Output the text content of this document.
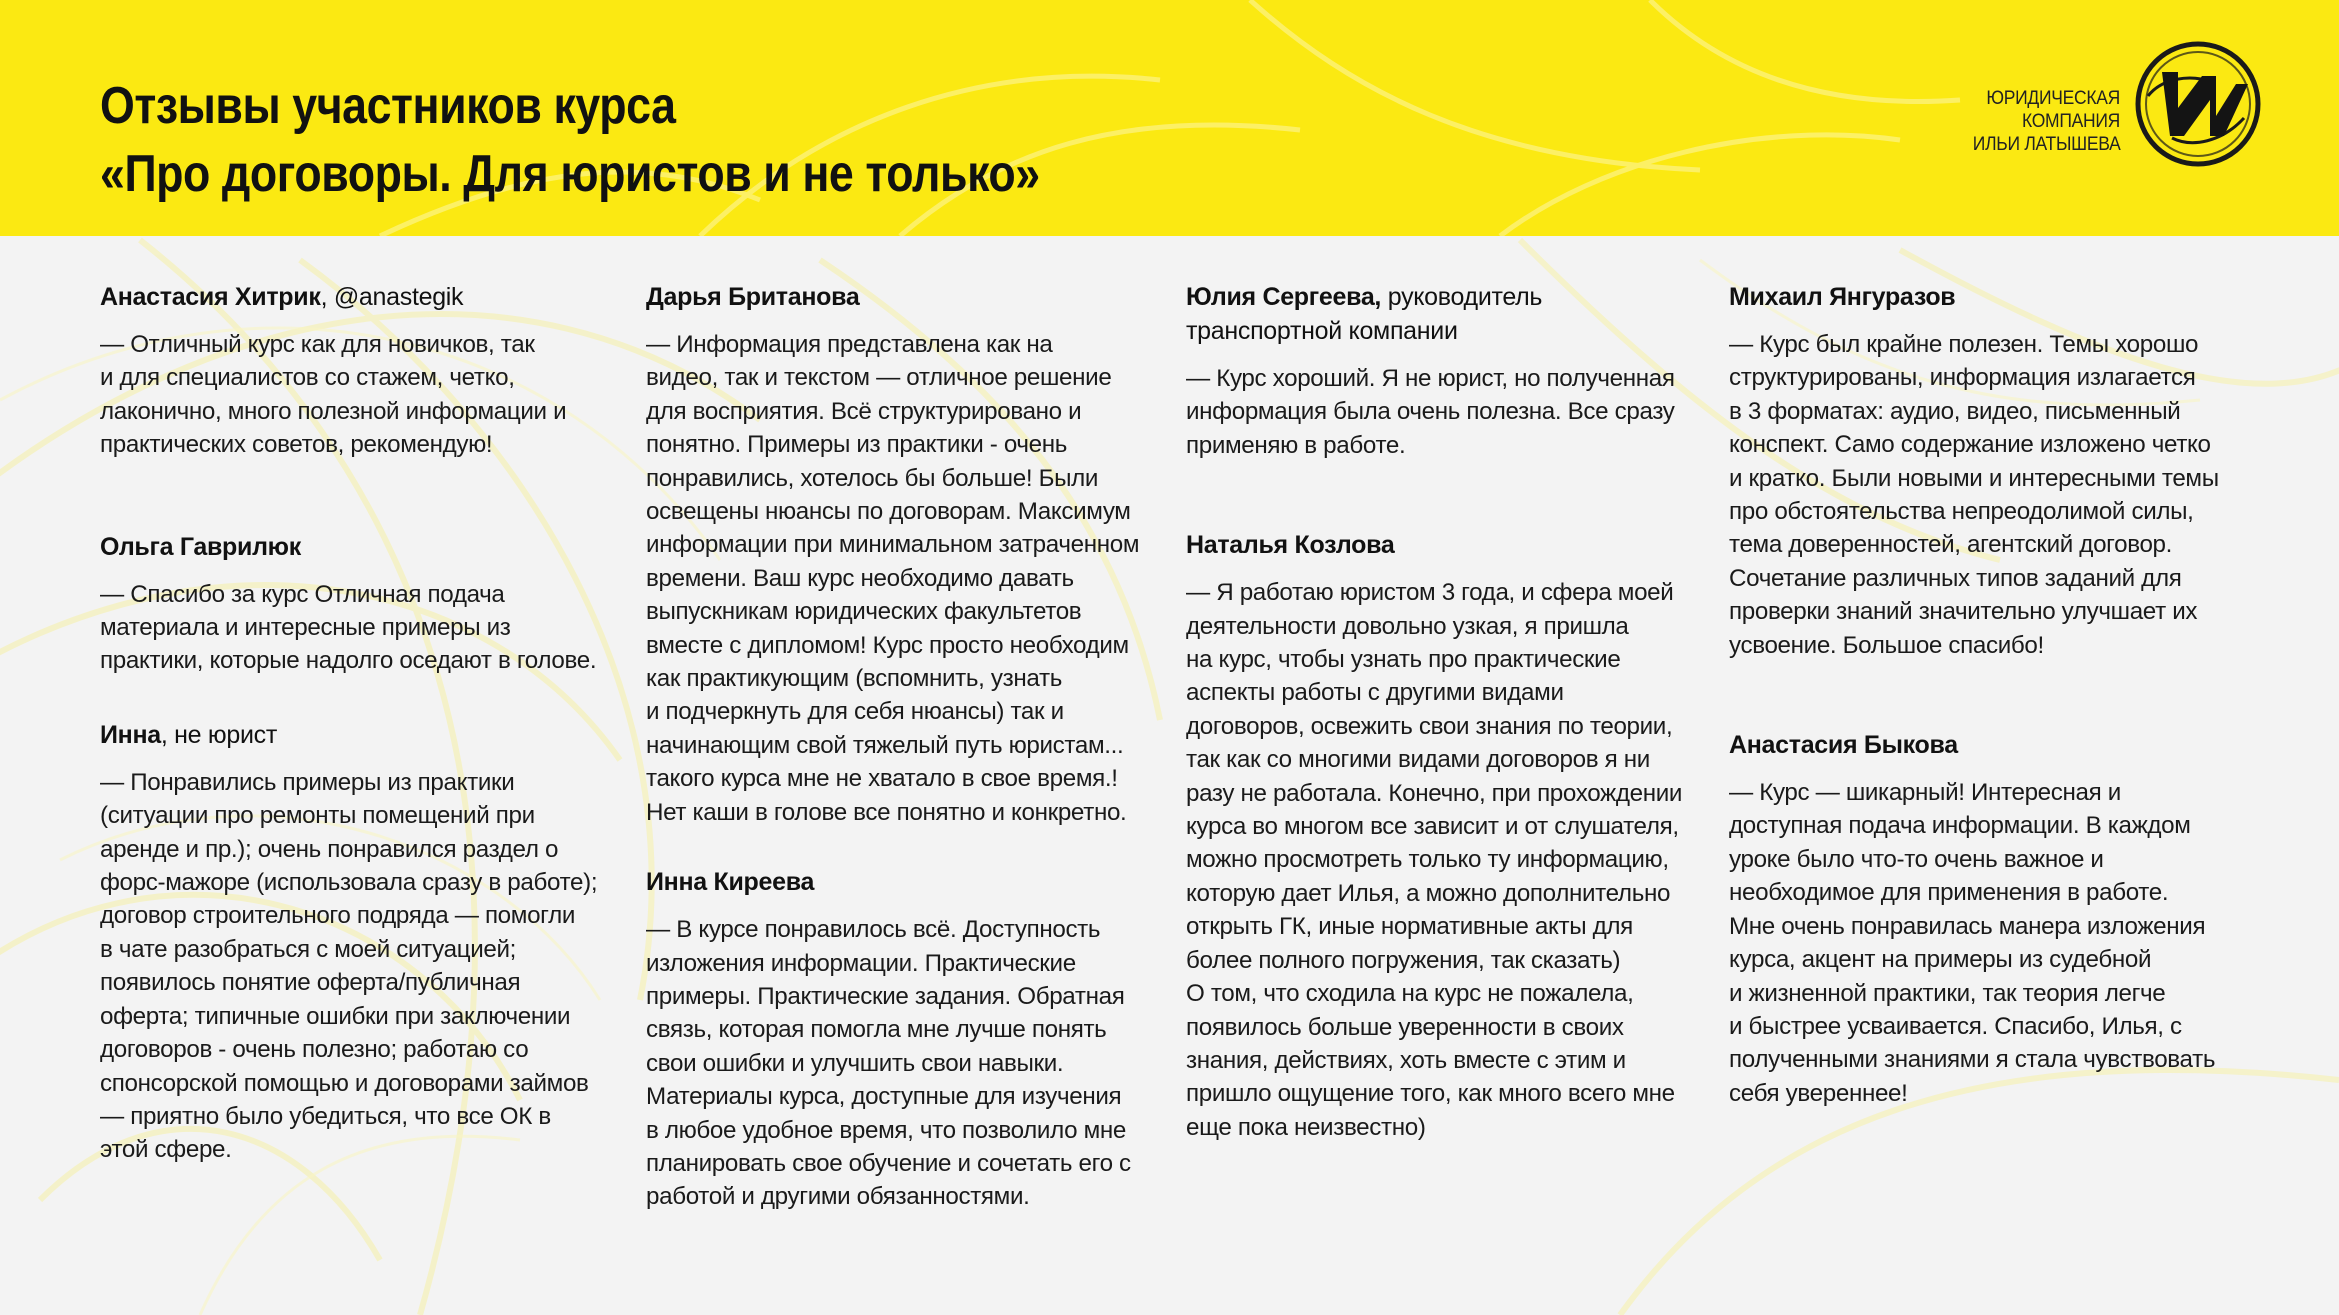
Отзывы участников курса
«Про договоры. Для юристов и не только»
ЮРИДИЧЕСКАЯ
КОМПАНИЯ
ИЛЬИ ЛАТЫШЕВА

Анастасия Хитрик, @anastegik

— Отличный курс как для новичков, так
и для специалистов со стажем, четко,
лаконично, много полезной информации и
практических советов, рекомендую!

Ольга Гаврилюк

— Спасибо за курс Отличная подача
материала и интересные примеры из
практики, которые надолго оседают в голове.

Инна, не юрист

— Понравились примеры из практики
(ситуации про ремонты помещений при
аренде и пр.); очень понравился раздел о
форс-мажоре (использовала сразу в работе);
договор строительного подряда — помогли
в чате разобраться с моей ситуацией;
появилось понятие оферта/публичная
оферта; типичные ошибки при заключении
договоров - очень полезно; работаю со
спонсорской помощью и договорами займов
— приятно было убедиться, что все ОК в
этой сфере.

Дарья Британова

— Информация представлена как на
видео, так и текстом — отличное решение
для восприятия. Всё структурировано и
понятно. Примеры из практики - очень
понравились, хотелось бы больше! Были
освещены нюансы по договорам. Максимум
информации при минимальном затраченном
времени. Ваш курс необходимо давать
выпускникам юридических факультетов
вместе с дипломом! Курс просто необходим
как практикующим (вспомнить, узнать
и подчеркнуть для себя нюансы) так и
начинающим свой тяжелый путь юристам...
такого курса мне не хватало в свое время.!
Нет каши в голове все понятно и конкретно.

Инна Киреева

— В курсе понравилось всё. Доступность
изложения информации. Практические
примеры. Практические задания. Обратная
связь, которая помогла мне лучше понять
свои ошибки и улучшить свои навыки.
Материалы курса, доступные для изучения
в любое удобное время, что позволило мне
планировать свое обучение и сочетать его с
работой и другими обязанностями.

Юлия Сергеева, руководитель
транспортной компании

— Курс хороший. Я не юрист, но полученная
информация была очень полезна. Все сразу
применяю в работе.

Наталья Козлова

— Я работаю юристом 3 года, и сфера моей
деятельности довольно узкая, я пришла
на курс, чтобы узнать про практические
аспекты работы с другими видами
договоров, освежить свои знания по теории,
так как со многими видами договоров я ни
разу не работала. Конечно, при прохождении
курса во многом все зависит и от слушателя,
можно просмотреть только ту информацию,
которую дает Илья, а можно дополнительно
открыть ГК, иные нормативные акты для
более полного погружения, так сказать)
О том, что сходила на курс не пожалела,
появилось больше уверенности в своих
знания, действиях, хоть вместе с этим и
пришло ощущение того, как много всего мне
еще пока неизвестно)

Михаил Янгуразов

— Курс был крайне полезен. Темы хорошо
структурированы, информация излагается
в 3 форматах: аудио, видео, письменный
конспект. Само содержание изложено четко
и кратко. Были новыми и интересными темы
про обстоятельства непреодолимой силы,
тема доверенностей, агентский договор.
Сочетание различных типов заданий для
проверки знаний значительно улучшает их
усвоение. Большое спасибо!

Анастасия Быкова

— Курс — шикарный! Интересная и
доступная подача информации. В каждом
уроке было что-то очень важное и
необходимое для применения в работе.
Мне очень понравилась манера изложения
курса, акцент на примеры из судебной
и жизненной практики, так теория легче
и быстрее усваивается. Спасибо, Илья, с
полученными знаниями я стала чувствовать
себя увереннее!
